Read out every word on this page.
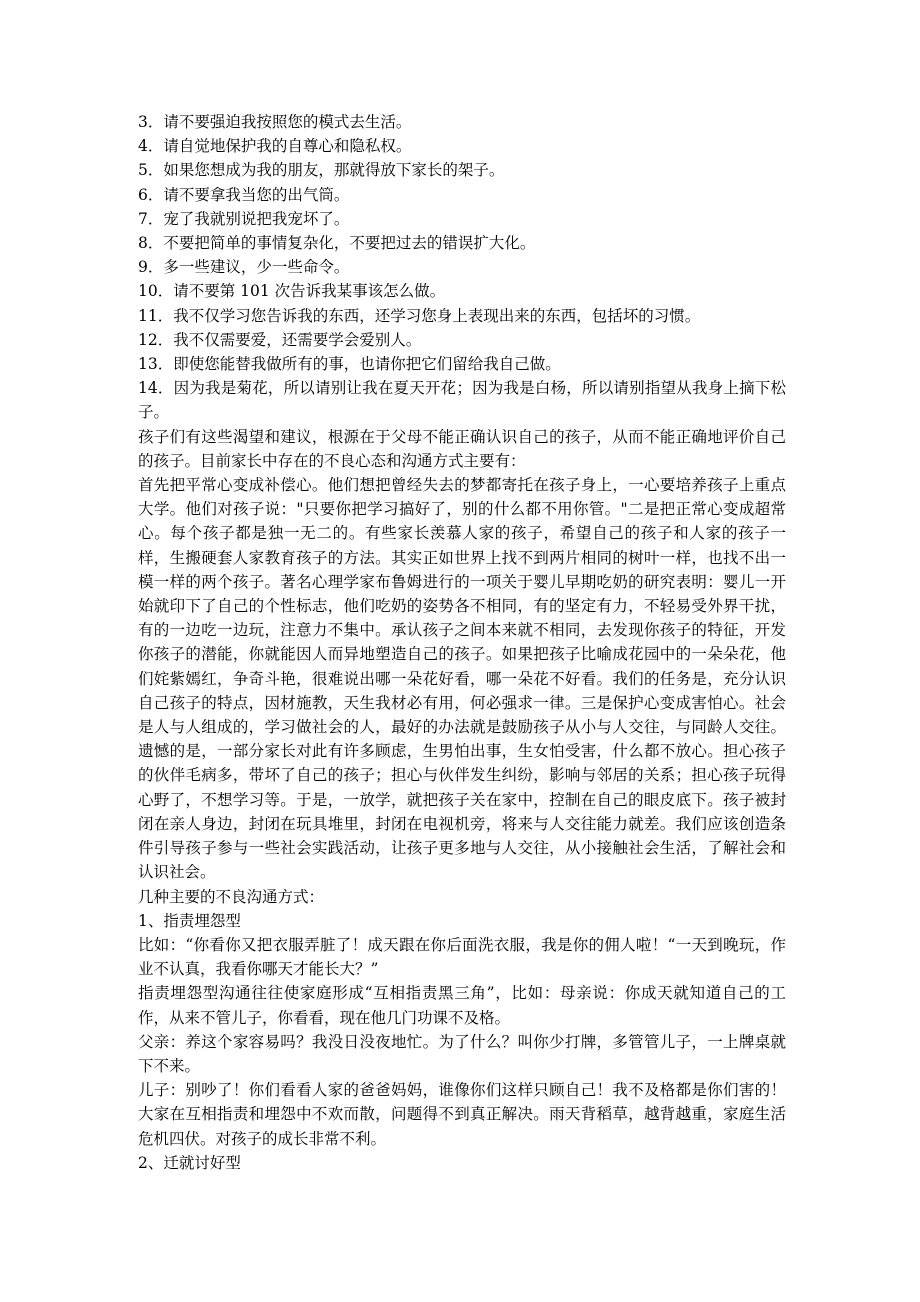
3．请不要强迫我按照您的模式去生活。
4．请自觉地保护我的自尊心和隐私权。
5．如果您想成为我的朋友，那就得放下家长的架子。
6．请不要拿我当您的出气筒。
7．宠了我就别说把我宠坏了。
8．不要把简单的事情复杂化，不要把过去的错误扩大化。
9．多一些建议，少一些命令。
10．请不要第 101 次告诉我某事该怎么做。
11．我不仅学习您告诉我的东西，还学习您身上表现出来的东西，包括坏的习惯。
12．我不仅需要爱，还需要学会爱别人。
13．即使您能替我做所有的事，也请你把它们留给我自己做。
14．因为我是菊花，所以请别让我在夏天开花；因为我是白杨，所以请别指望从我身上摘下松子。
孩子们有这些渴望和建议，根源在于父母不能正确认识自己的孩子，从而不能正确地评价自己的孩子。目前家长中存在的不良心态和沟通方式主要有：
首先把平常心变成补偿心。他们想把曾经失去的梦都寄托在孩子身上，一心要培养孩子上重点大学。他们对孩子说："只要你把学习搞好了，别的什么都不用你管。"二是把正常心变成超常心。每个孩子都是独一无二的。有些家长羡慕人家的孩子，希望自己的孩子和人家的孩子一样，生搬硬套人家教育孩子的方法。其实正如世界上找不到两片相同的树叶一样，也找不出一模一样的两个孩子。著名心理学家布鲁姆进行的一项关于婴儿早期吃奶的研究表明：婴儿一开始就印下了自己的个性标志，他们吃奶的姿势各不相同，有的坚定有力，不轻易受外界干扰，有的一边吃一边玩，注意力不集中。承认孩子之间本来就不相同，去发现你孩子的特征，开发你孩子的潜能，你就能因人而异地塑造自己的孩子。如果把孩子比喻成花园中的一朵朵花，他们姹紫嫣红，争奇斗艳，很难说出哪一朵花好看，哪一朵花不好看。我们的任务是，充分认识自己孩子的特点，因材施教，天生我材必有用，何必强求一律。三是保护心变成害怕心。社会是人与人组成的，学习做社会的人，最好的办法就是鼓励孩子从小与人交往，与同龄人交往。遗憾的是，一部分家长对此有许多顾虑，生男怕出事，生女怕受害，什么都不放心。担心孩子的伙伴毛病多，带坏了自己的孩子；担心与伙伴发生纠纷，影响与邻居的关系；担心孩子玩得心野了，不想学习等。于是，一放学，就把孩子关在家中，控制在自己的眼皮底下。孩子被封闭在亲人身边，封闭在玩具堆里，封闭在电视机旁，将来与人交往能力就差。我们应该创造条件引导孩子参与一些社会实践活动，让孩子更多地与人交往，从小接触社会生活，了解社会和认识社会。
几种主要的不良沟通方式：
1、指责埋怨型
比如：“你看你又把衣服弄脏了！成天跟在你后面洗衣服，我是你的佣人啦！“一天到晚玩，作业不认真，我看你哪天才能长大？”
指责埋怨型沟通往往使家庭形成“互相指责黑三角”，比如：母亲说：你成天就知道自己的工作，从来不管儿子，你看看，现在他几门功课不及格。
父亲：养这个家容易吗？我没日没夜地忙。为了什么？叫你少打牌，多管管儿子，一上牌桌就下不来。
儿子：别吵了！你们看看人家的爸爸妈妈，谁像你们这样只顾自己！我不及格都是你们害的！大家在互相指责和埋怨中不欢而散，问题得不到真正解决。雨天背稻草，越背越重，家庭生活危机四伏。对孩子的成长非常不利。
2、迁就讨好型
